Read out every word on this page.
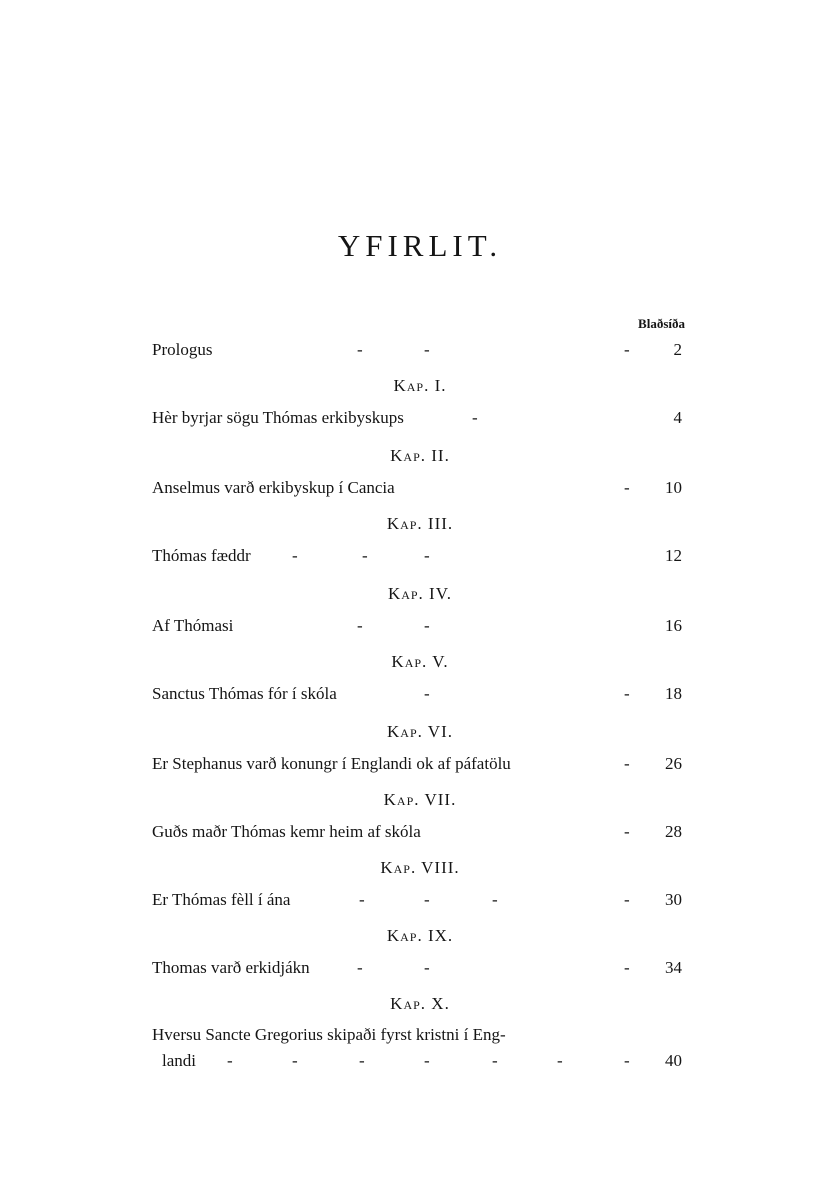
YFIRLIT.
Blaðsíða
Prologus	-	-	-	2
Kap. I.
Hèr byrjar sögu Thómas erkibyskups	-	4
Kap. II.
Anselmus varð erkibyskup í Cancia	- 10
Kap. III.
Thómas fæddr -	-	-	12
Kap. IV.
Af Thómasi	-	-	16
Kap. V.
Sanctus Thómas fór í skóla	-	- 18
Kap. VI.
Er Stephanus varð konungr í Englandi ok af páfatölu	- 26
Kap. VII.
Guðs maðr Thómas kemr heim af skóla	- 28
Kap. VIII.
Er Thómas fèll í ána	-	-	-	- 30
Kap. IX.
Thomas varð erkidjákn	-	-	- 34
Kap. X.
Hversu Sancte Gregorius skipaði fyrst kristni í Eng-
landi -	-	-	-	-	-	- 40
